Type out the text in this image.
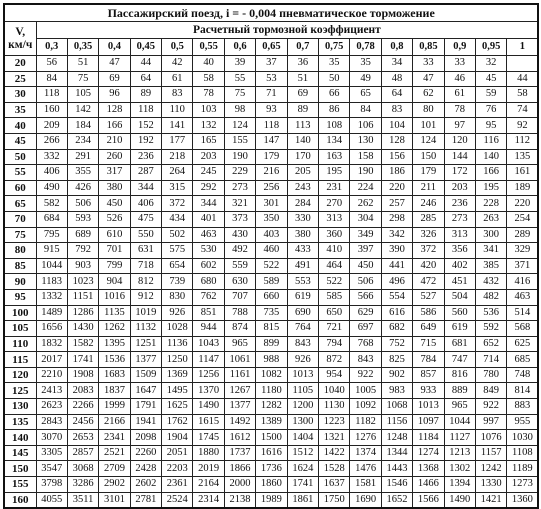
Пассажирский поезд, i = - 0,004 пневматическое торможение																
V,
км/ч	Расчетный тормозной коэффициент															
	0,3	0,35	0,4	0,45	0,5	0,55	0,6	0,65	0,7	0,75	0,78	0,8	0,85	0,9	0,95	1
20	56	51	47	44	42	40	39	37	36	35	35	34	33	33	32	
25	84	75	69	64	61	58	55	53	51	50	49	48	47	46	45	44
30	118	105	96	89	83	78	75	71	69	66	65	64	62	61	59	58
35	160	142	128	118	110	103	98	93	89	86	84	83	80	78	76	74
40	209	184	166	152	141	132	124	118	113	108	106	104	101	97	95	92
45	266	234	210	192	177	165	155	147	140	134	130	128	124	120	116	112
50	332	291	260	236	218	203	190	179	170	163	158	156	150	144	140	135
55	406	355	317	287	264	245	229	216	205	195	190	186	179	172	166	161
60	490	426	380	344	315	292	273	256	243	231	224	220	211	203	195	189
65	582	506	450	406	372	344	321	301	284	270	262	257	246	236	228	220
70	684	593	526	475	434	401	373	350	330	313	304	298	285	273	263	254
75	795	689	610	550	502	463	430	403	380	360	349	342	326	313	300	289
80	915	792	701	631	575	530	492	460	433	410	397	390	372	356	341	329
85	1044	903	799	718	654	602	559	522	491	464	450	441	420	402	385	371
90	1183	1023	904	812	739	680	630	589	553	522	506	496	472	451	432	416
95	1332	1151	1016	912	830	762	707	660	619	585	566	554	527	504	482	463
100	1489	1286	1135	1019	926	851	788	735	690	650	629	616	586	560	536	514
105	1656	1430	1262	1132	1028	944	874	815	764	721	697	682	649	619	592	568
110	1832	1582	1395	1251	1136	1043	965	899	843	794	768	752	715	681	652	625
115	2017	1741	1536	1377	1250	1147	1061	988	926	872	843	825	784	747	714	685
120	2210	1908	1683	1509	1369	1256	1161	1082	1013	954	922	902	857	816	780	748
125	2413	2083	1837	1647	1495	1370	1267	1180	1105	1040	1005	983	933	889	849	814
130	2623	2266	1999	1791	1625	1490	1377	1282	1200	1130	1092	1068	1013	965	922	883
135	2843	2456	2166	1941	1762	1615	1492	1389	1300	1223	1182	1156	1097	1044	997	955
140	3070	2653	2341	2098	1904	1745	1612	1500	1404	1321	1276	1248	1184	1127	1076	1030
145	3305	2857	2521	2260	2051	1880	1737	1616	1512	1422	1374	1344	1274	1213	1157	1108
150	3547	3068	2709	2428	2203	2019	1866	1736	1624	1528	1476	1443	1368	1302	1242	1189
155	3798	3286	2902	2602	2361	2164	2000	1860	1741	1637	1581	1546	1466	1394	1330	1273
160	4055	3511	3101	2781	2524	2314	2138	1989	1861	1750	1690	1652	1566	1490	1421	1360
